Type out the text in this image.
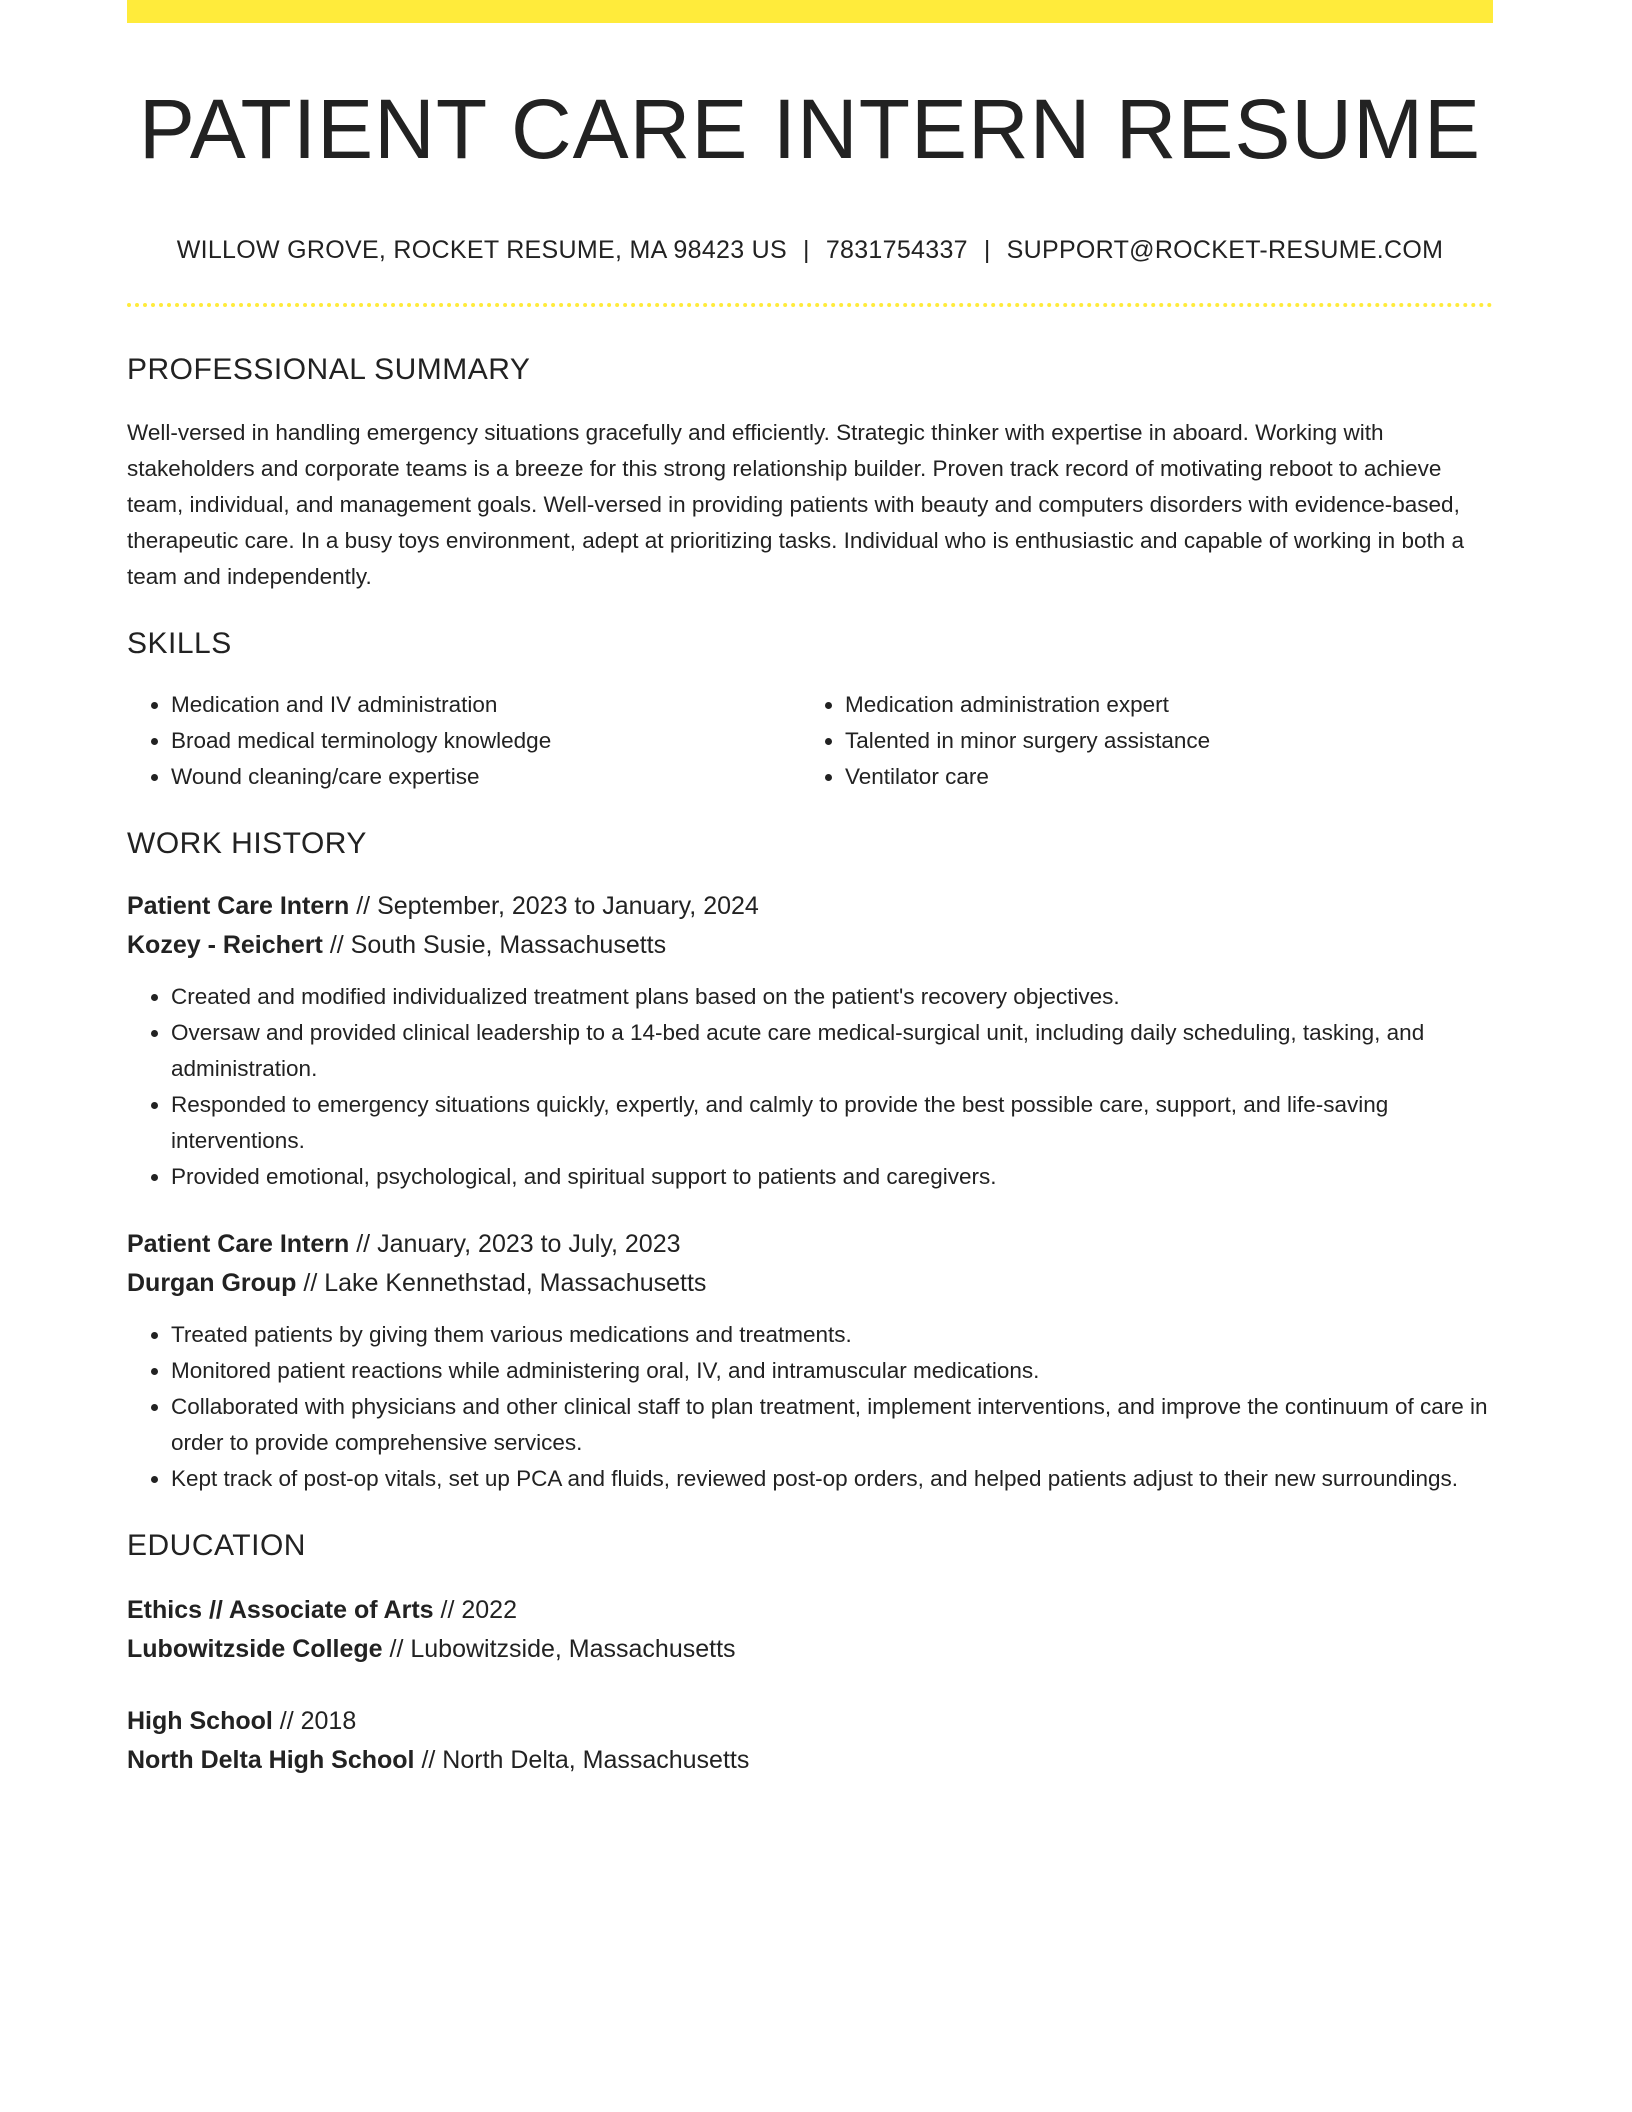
PATIENT CARE INTERN RESUME
WILLOW GROVE, ROCKET RESUME, MA 98423 US | 7831754337 | SUPPORT@ROCKET-RESUME.COM
PROFESSIONAL SUMMARY

Well-versed in handling emergency situations gracefully and efficiently. Strategic thinker with expertise in aboard. Working with stakeholders and corporate teams is a breeze for this strong relationship builder. Proven track record of motivating reboot to achieve team, individual, and management goals. Well-versed in providing patients with beauty and computers disorders with evidence-based, therapeutic care. In a busy toys environment, adept at prioritizing tasks. Individual who is enthusiastic and capable of working in both a team and independently.

SKILLS
• Medication and IV administration
• Broad medical terminology knowledge
• Wound cleaning/care expertise
• Medication administration expert
• Talented in minor surgery assistance
• Ventilator care
WORK HISTORY

Patient Care Intern // September, 2023 to January, 2024

Kozey - Reichert // South Susie, Massachusetts

• Created and modified individualized treatment plans based on the patient's recovery objectives.
• Oversaw and provided clinical leadership to a 14-bed acute care medical-surgical unit, including daily scheduling, tasking, and administration.
• Responded to emergency situations quickly, expertly, and calmly to provide the best possible care, support, and life-saving interventions.
• Provided emotional, psychological, and spiritual support to patients and caregivers.

Patient Care Intern // January, 2023 to July, 2023

Durgan Group // Lake Kennethstad, Massachusetts

• Treated patients by giving them various medications and treatments.
• Monitored patient reactions while administering oral, IV, and intramuscular medications.
• Collaborated with physicians and other clinical staff to plan treatment, implement interventions, and improve the continuum of care in order to provide comprehensive services.
• Kept track of post-op vitals, set up PCA and fluids, reviewed post-op orders, and helped patients adjust to their new surroundings.
EDUCATION

Ethics // Associate of Arts // 2022

Lubowitzside College // Lubowitzside, Massachusetts

High School // 2018

North Delta High School // North Delta, Massachusetts
